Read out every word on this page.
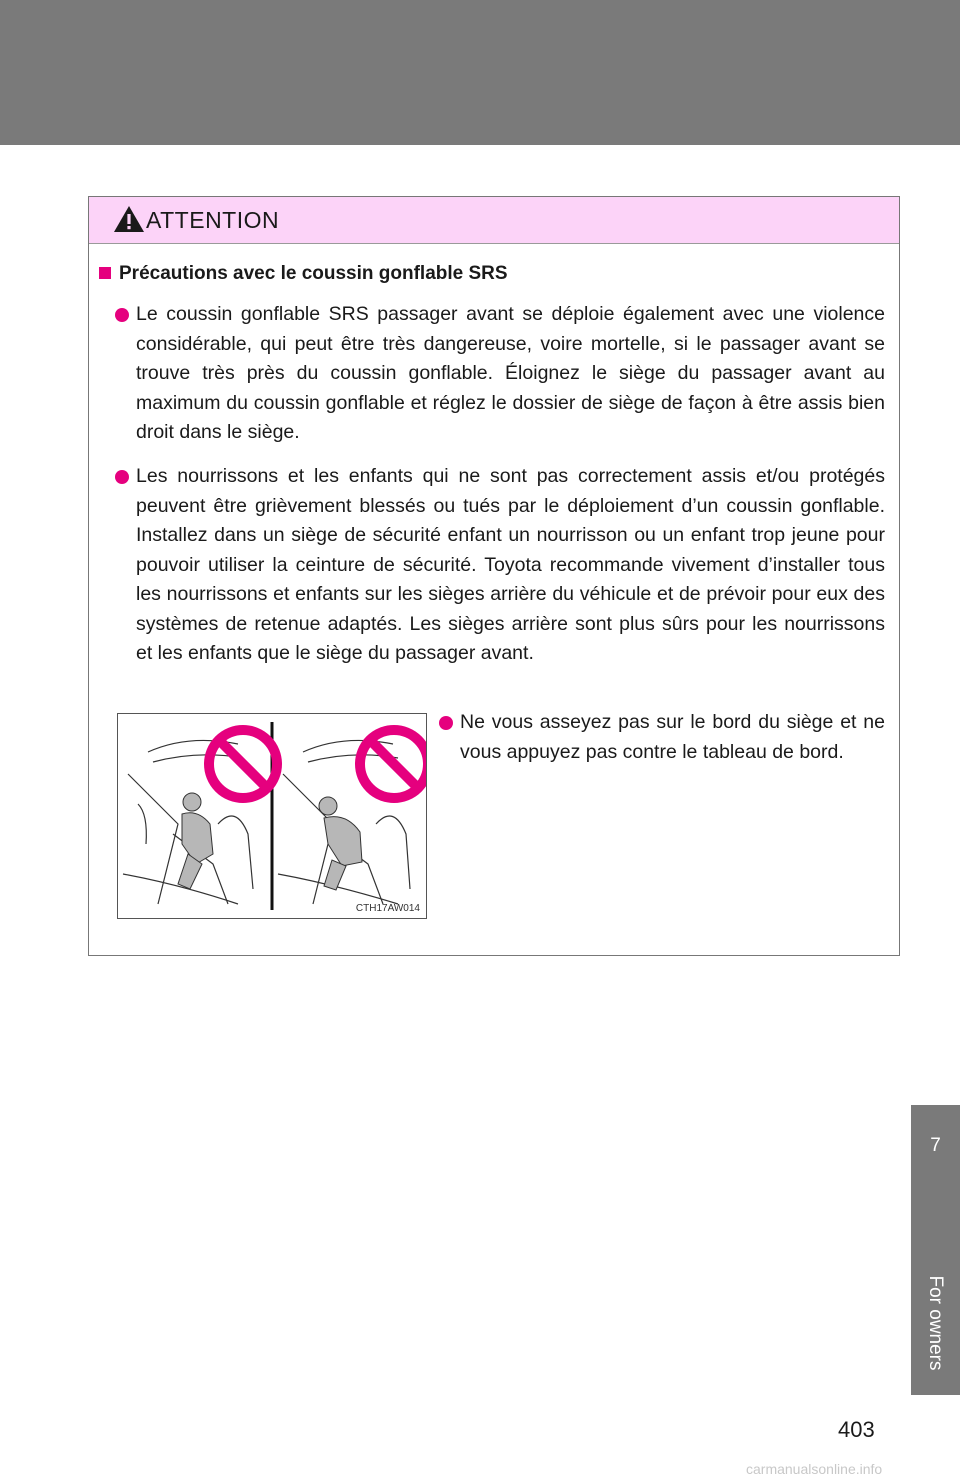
ATTENTION
Précautions avec le coussin gonflable SRS
Le coussin gonflable SRS passager avant se déploie également avec une violence considérable, qui peut être très dangereuse, voire mortelle, si le passager avant se trouve très près du coussin gonflable. Éloignez le siège du passager avant au maximum du coussin gonflable et réglez le dossier de siège de façon à être assis bien droit dans le siège.
Les nourrissons et les enfants qui ne sont pas correctement assis et/ou protégés peuvent être grièvement blessés ou tués par le déploiement d’un coussin gonflable. Installez dans un siège de sécurité enfant un nourrisson ou un enfant trop jeune pour pouvoir utiliser la ceinture de sécurité. Toyota recommande vivement d’installer tous les nourrissons et enfants sur les sièges arrière du véhicule et de prévoir pour eux des systèmes de retenue adaptés. Les sièges arrière sont plus sûrs pour les nourrissons et les enfants que le siège du passager avant.
Ne vous asseyez pas sur le bord du siège et ne vous appuyez pas contre le tableau de bord.
CTH17AW014
7
For owners
403
carmanualsonline.info
